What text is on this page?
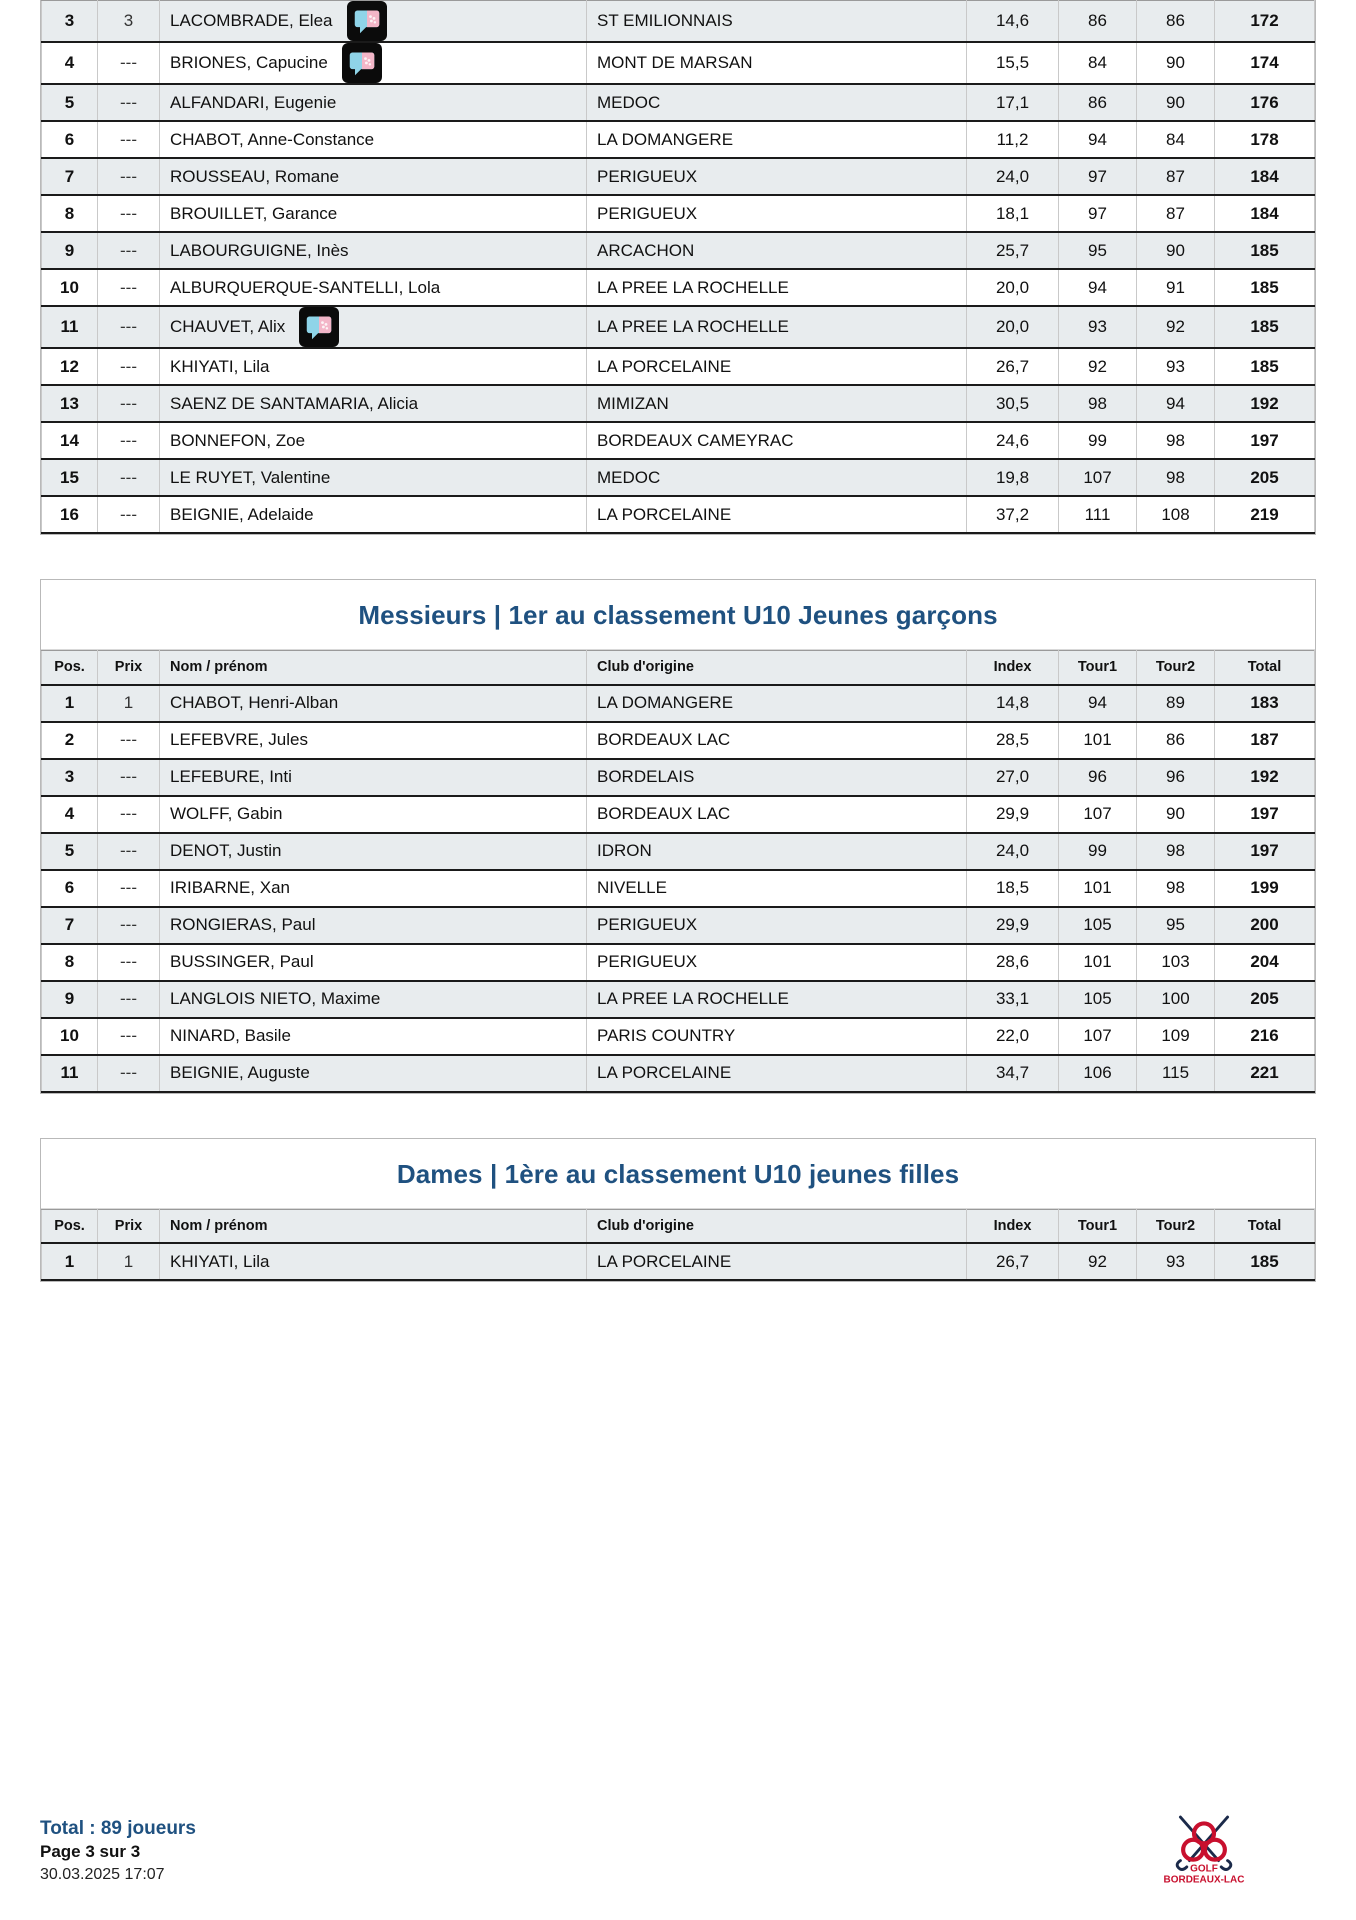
3	3	LACOMBRADE, Elea	ST EMILIONNAIS	14,6	86	86	172
4	---	BRIONES, Capucine	MONT DE MARSAN	15,5	84	90	174
5	---	ALFANDARI, Eugenie	MEDOC	17,1	86	90	176
6	---	CHABOT, Anne-Constance	LA DOMANGERE	11,2	94	84	178
7	---	ROUSSEAU, Romane	PERIGUEUX	24,0	97	87	184
8	---	BROUILLET, Garance	PERIGUEUX	18,1	97	87	184
9	---	LABOURGUIGNE, Inès	ARCACHON	25,7	95	90	185
10	---	ALBURQUERQUE-SANTELLI, Lola	LA PREE LA ROCHELLE	20,0	94	91	185
11	---	CHAUVET, Alix	LA PREE LA ROCHELLE	20,0	93	92	185
12	---	KHIYATI, Lila	LA PORCELAINE	26,7	92	93	185
13	---	SAENZ DE SANTAMARIA, Alicia	MIMIZAN	30,5	98	94	192
14	---	BONNEFON, Zoe	BORDEAUX CAMEYRAC	24,6	99	98	197
15	---	LE RUYET, Valentine	MEDOC	19,8	107	98	205
16	---	BEIGNIE, Adelaide	LA PORCELAINE	37,2	111	108	219
Messieurs | 1er au classement U10 Jeunes garçons
Pos.	Prix	Nom / prénom	Club d'origine	Index	Tour1	Tour2	Total
1	1	CHABOT, Henri-Alban	LA DOMANGERE	14,8	94	89	183
2	---	LEFEBVRE, Jules	BORDEAUX LAC	28,5	101	86	187
3	---	LEFEBURE, Inti	BORDELAIS	27,0	96	96	192
4	---	WOLFF, Gabin	BORDEAUX LAC	29,9	107	90	197
5	---	DENOT, Justin	IDRON	24,0	99	98	197
6	---	IRIBARNE, Xan	NIVELLE	18,5	101	98	199
7	---	RONGIERAS, Paul	PERIGUEUX	29,9	105	95	200
8	---	BUSSINGER, Paul	PERIGUEUX	28,6	101	103	204
9	---	LANGLOIS NIETO, Maxime	LA PREE LA ROCHELLE	33,1	105	100	205
10	---	NINARD, Basile	PARIS COUNTRY	22,0	107	109	216
11	---	BEIGNIE, Auguste	LA PORCELAINE	34,7	106	115	221
Dames | 1ère au classement U10 jeunes filles
Pos.	Prix	Nom / prénom	Club d'origine	Index	Tour1	Tour2	Total
1	1	KHIYATI, Lila	LA PORCELAINE	26,7	92	93	185
Total : 89 joueurs
Page 3 sur 3
30.03.2025 17:07	GOLF
BORDEAUX-LAC
